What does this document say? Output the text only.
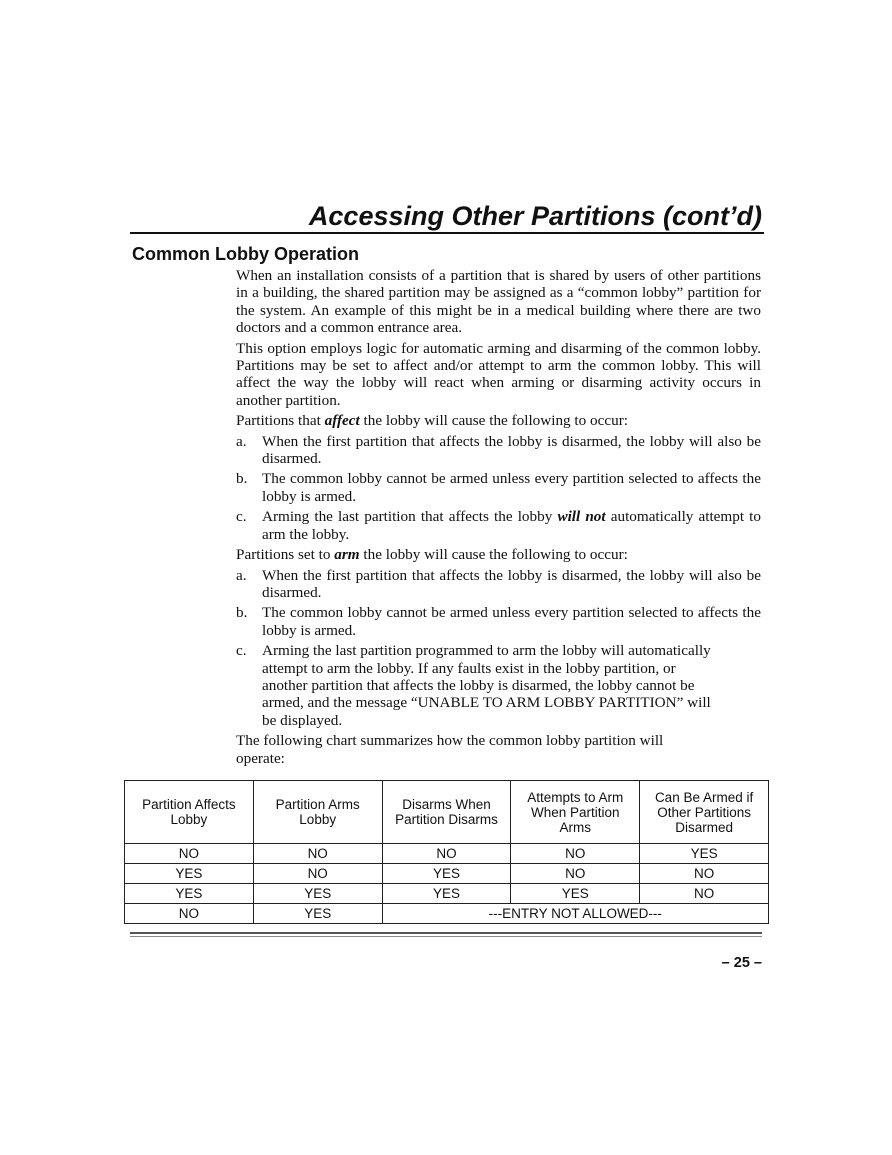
Accessing Other Partitions (cont’d)
Common Lobby Operation

When an installation consists of a partition that is shared by users of other partitions in a building, the shared partition may be assigned as a “common lobby” partition for the system. An example of this might be in a medical building where there are two doctors and a common entrance area.

This option employs logic for automatic arming and disarming of the common lobby. Partitions may be set to affect and/or attempt to arm the common lobby. This will affect the way the lobby will react when arming or disarming activity occurs in another partition.

Partitions that affect the lobby will cause the following to occur:

a.	When the first partition that affects the lobby is disarmed, the lobby will also be disarmed.
b. The common lobby cannot be armed unless every partition selected to affects the lobby is armed.
c.	Arming the last partition that affects the lobby will not automatically attempt to arm the lobby.

Partitions set to arm the lobby will cause the following to occur:

a.	When the first partition that affects the lobby is disarmed, the lobby will also be disarmed.
b. The common lobby cannot be armed unless every partition selected to affects the lobby is armed.
c.	Arming the last partition programmed to arm the lobby will automatically attempt to arm the lobby. If any faults exist in the lobby partition, or another partition that affects the lobby is disarmed, the lobby cannot be armed, and the message “UNABLE TO ARM LOBBY PARTITION” will be displayed.

The following chart summarizes how the common lobby partition will operate:

Partition Affects Lobby	Partition Arms Lobby	Disarms When Partition Disarms	Attempts to Arm When Partition Arms	Can Be Armed if Other Partitions Disarmed
NO	NO	NO	NO	YES
YES	NO	YES	NO	NO
YES	YES	YES	YES	NO
NO	YES	---ENTRY NOT ALLOWED---		
– 25 –
